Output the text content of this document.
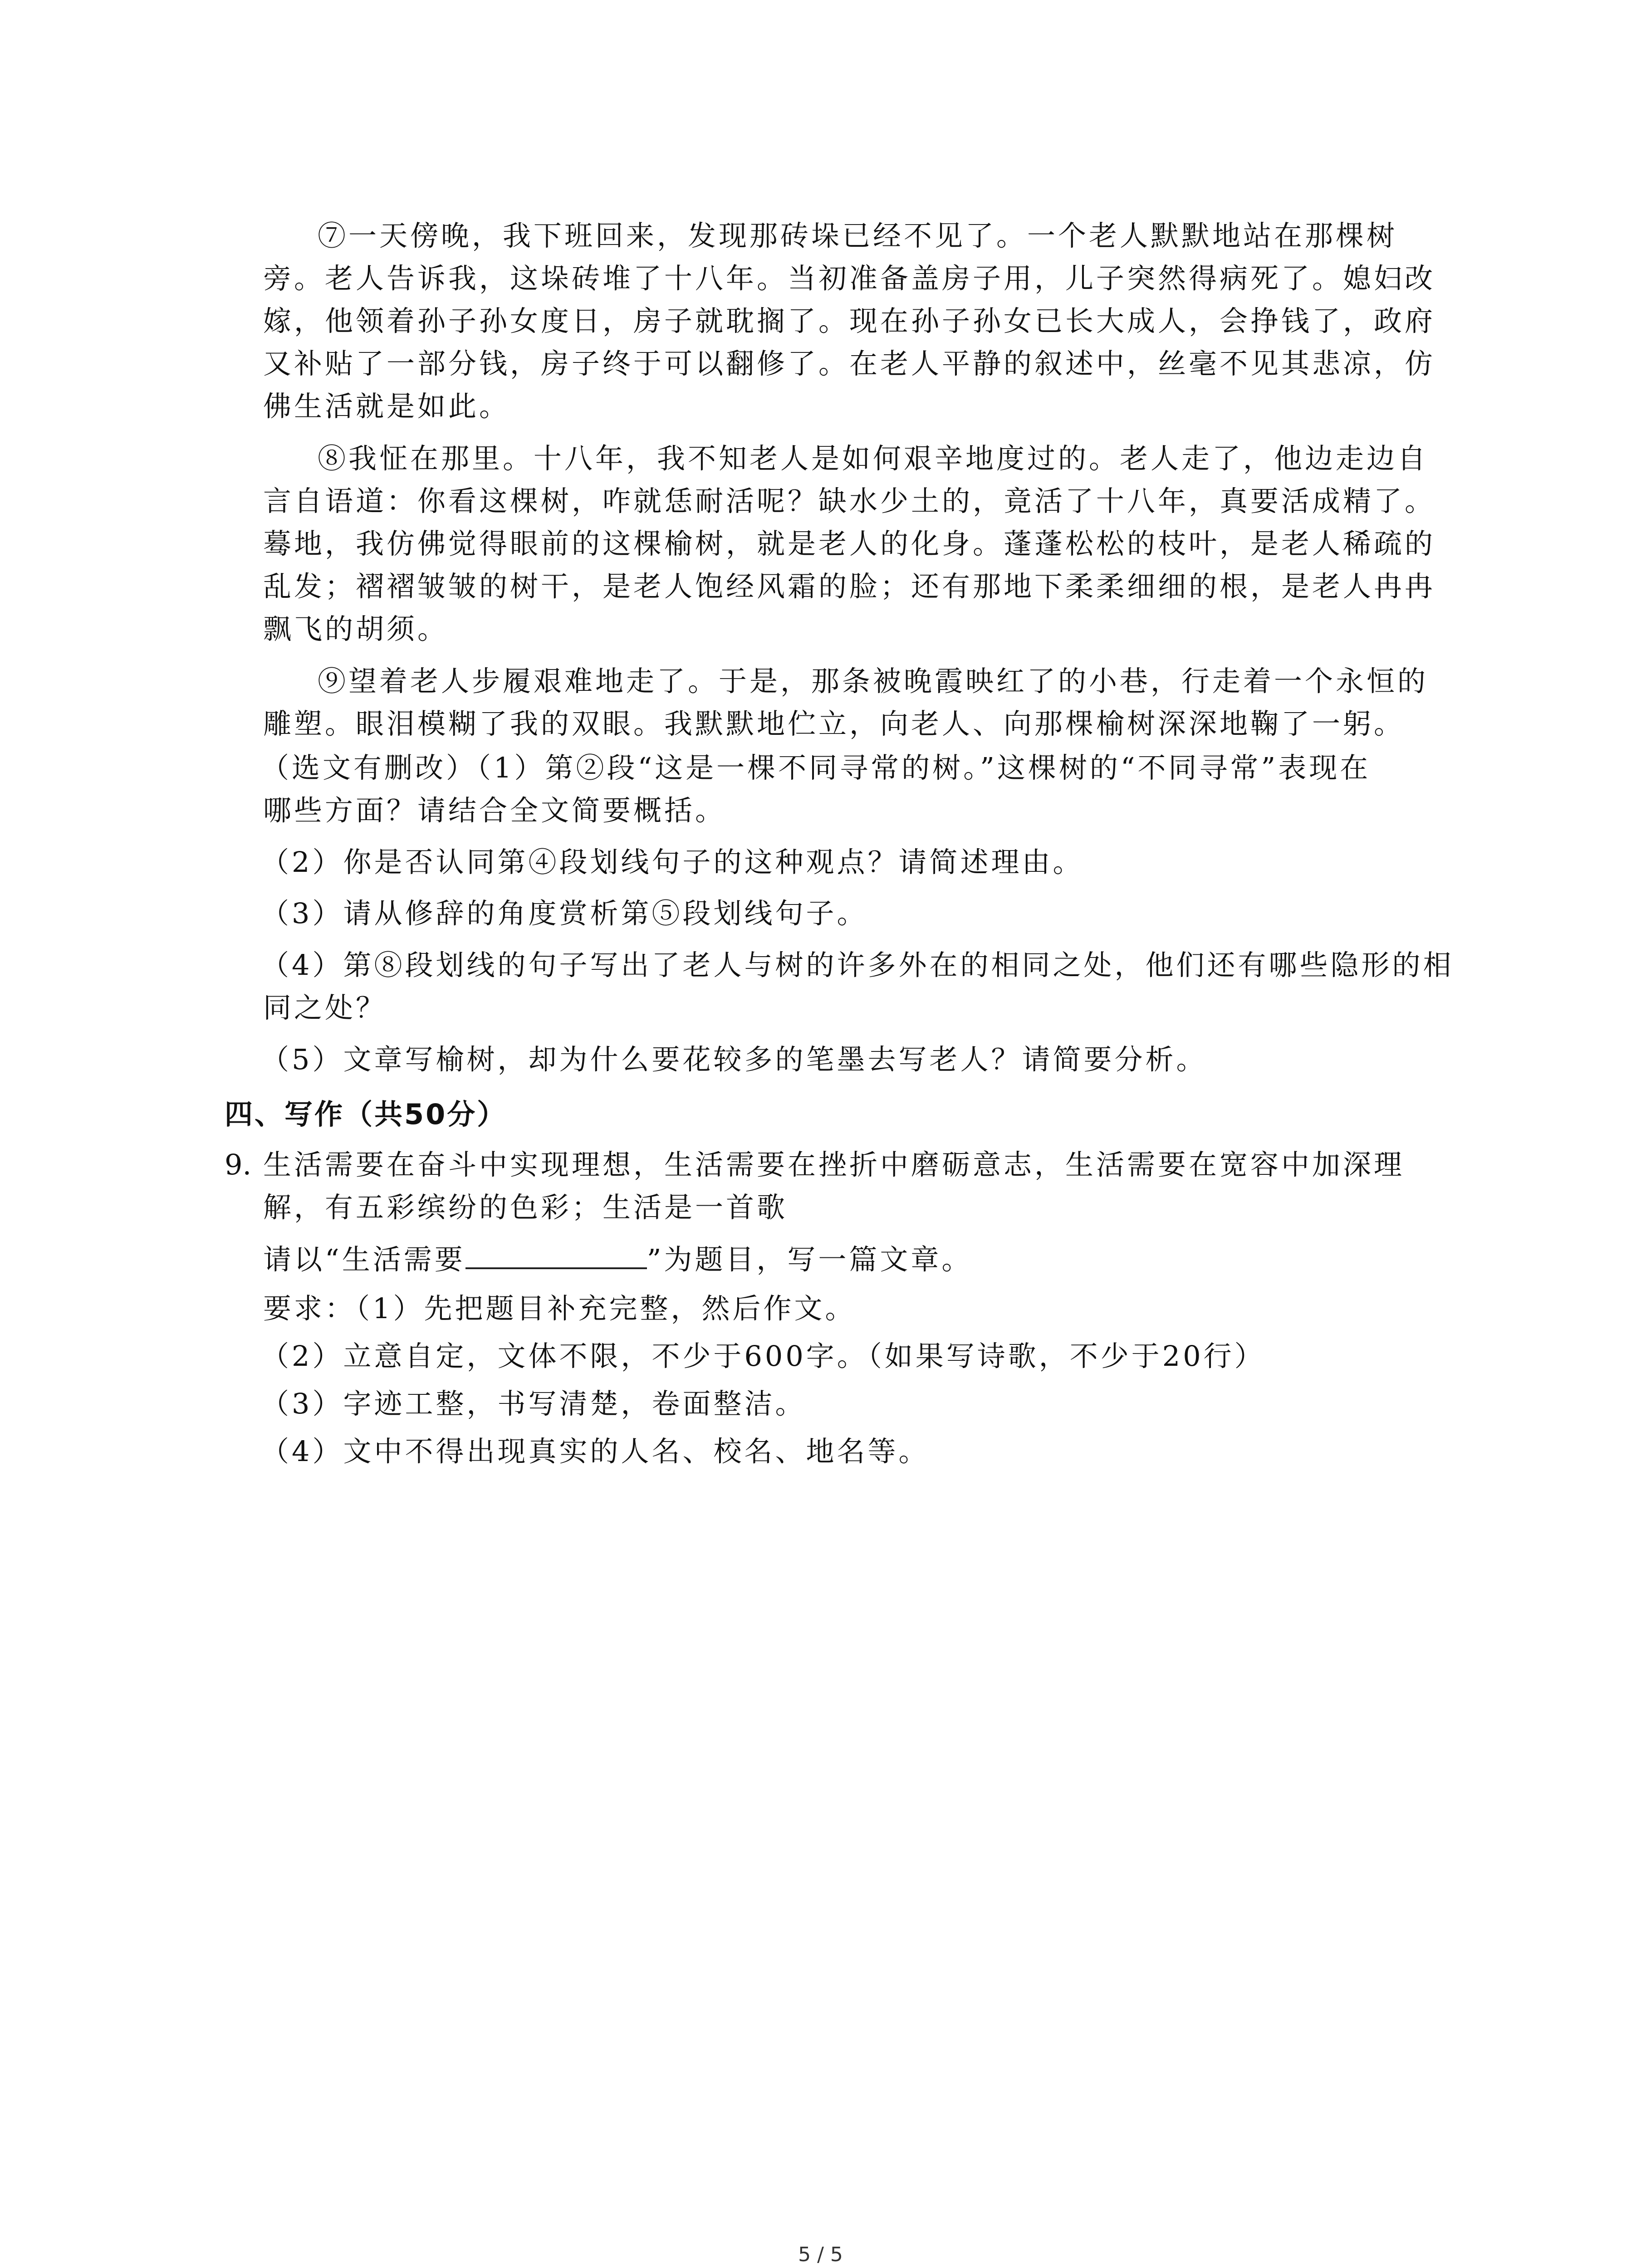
⑦一天傍晚，我下班回来，发现那砖垛已经不见了。一个老人默默地站在那棵树
旁。老人告诉我，这垛砖堆了十八年。当初准备盖房子用，儿子突然得病死了。媳妇改
嫁，他领着孙子孙女度日，房子就耽搁了。现在孙子孙女已长大成人，会挣钱了，政府
又补贴了一部分钱，房子终于可以翻修了。在老人平静的叙述中，丝毫不见其悲凉，仿
佛生活就是如此。
⑧我怔在那里。十八年，我不知老人是如何艰辛地度过的。老人走了，他边走边自
言自语道：你看这棵树，咋就恁耐活呢？缺水少土的，竟活了十八年，真要活成精了。
蓦地，我仿佛觉得眼前的这棵榆树，就是老人的化身。蓬蓬松松的枝叶，是老人稀疏的
乱发；褶褶皱皱的树干，是老人饱经风霜的脸；还有那地下柔柔细细的根，是老人冉冉
飘飞的胡须。
⑨望着老人步履艰难地走了。于是，那条被晚霞映红了的小巷，行走着一个永恒的
雕塑。眼泪模糊了我的双眼。我默默地伫立，向老人、向那棵榆树深深地鞠了一躬。
（选文有删改）（1）第②段“这是一棵不同寻常的树。”这棵树的“不同寻常”表现在
哪些方面？请结合全文简要概括。
（2）你是否认同第④段划线句子的这种观点？请简述理由。
（3）请从修辞的角度赏析第⑤段划线句子。
（4）第⑧段划线的句子写出了老人与树的许多外在的相同之处，他们还有哪些隐形的相
同之处？
（5）文章写榆树，却为什么要花较多的笔墨去写老人？请简要分析。
四、写作（共50分）
9. 生活需要在奋斗中实现理想，生活需要在挫折中磨砺意志，生活需要在宽容中加深理
解，有五彩缤纷的色彩；生活是一首歌
请以“生活需要	”为题目，写一篇文章。
要求：（1）先把题目补充完整，然后作文。
（2）立意自定，文体不限，不少于600字。（如果写诗歌，不少于20行）
（3）字迹工整，书写清楚，卷面整洁。
（4）文中不得出现真实的人名、校名、地名等。
5 / 5
